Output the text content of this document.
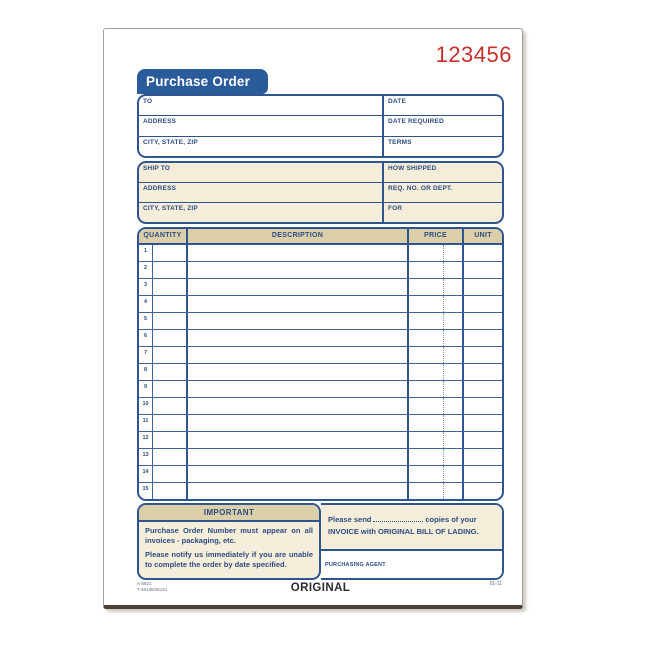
123456
Purchase Order
TO	DATE
ADDRESS	DATE REQUIRED
CITY, STATE, ZIP	TERMS
SHIP TO	HOW SHIPPED
ADDRESS	REQ. NO. OR DEPT.
CITY, STATE, ZIP	FOR
QUANTITY	DESCRIPTION	PRICE	UNIT
1
2
3
4
5
6
7
8
9
10
11
12
13
14
15
IMPORTANT

Purchase Order Number must appear on all invoices - packaging, etc.

Please notify us immediately if you are unable to complete the order by date specified.

Please send	copies of your INVOICE with ORIGINAL BILL OF LADING.
PURCHASING AGENT
A-5821
T-46140/46141	ORIGINAL	01-11
